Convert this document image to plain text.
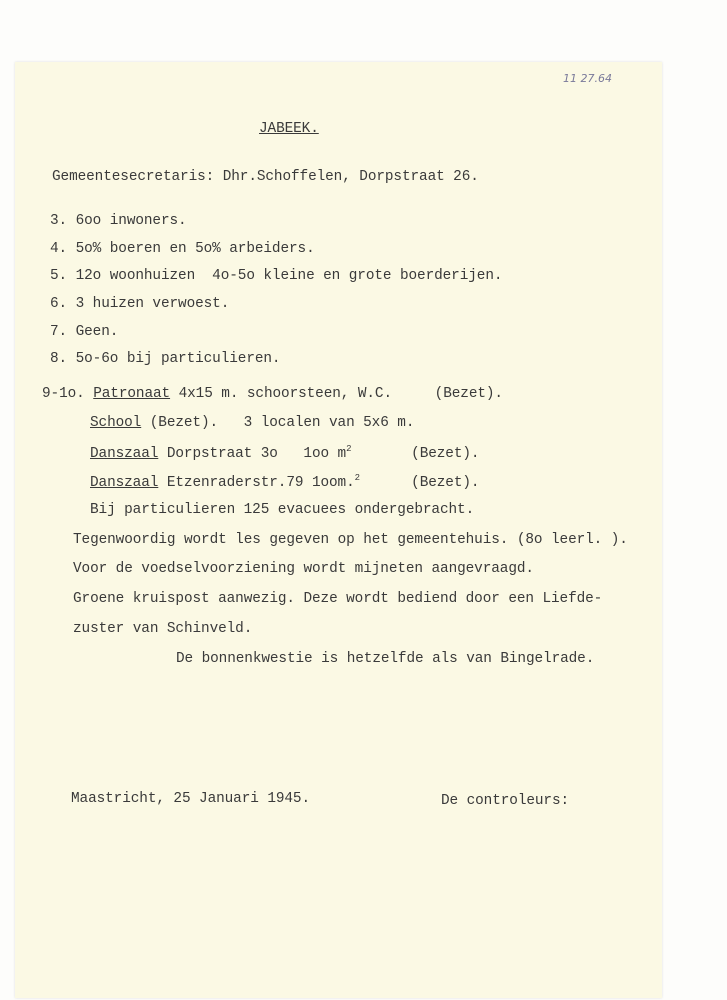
11 27.64
JABEEK.
Gemeentesecretaris: Dhr.Schoffelen, Dorpstraat 26.
3. 6oo inwoners.
4. 5o% boeren en 5o% arbeiders.
5. 12o woonhuizen  4o-5o kleine en grote boerderijen.
6. 3 huizen verwoest.
7. Geen.
8. 5o-6o bij particulieren.
9-1o. Patronaat 4x15 m. schoorsteen, W.C.     (Bezet).
School (Bezet).   3 localen van 5x6 m.
Danszaal Dorpstraat 3o   1oo $m^2$       (Bezet).
Danszaal Etzenraderstr.79 1oom.$^2$      (Bezet).
Bij particulieren 125 evacuees ondergebracht.
Tegenwoordig wordt les gegeven op het gemeentehuis. (8o leerl. ).
Voor de voedselvoorziening wordt mijneten aangevraagd.
Groene kruispost aanwezig. Deze wordt bediend door een Liefde-
zuster van Schinveld.
De bonnenkwestie is hetzelfde als van Bingelrade.
Maastricht, 25 Januari 1945.	De controleurs:
